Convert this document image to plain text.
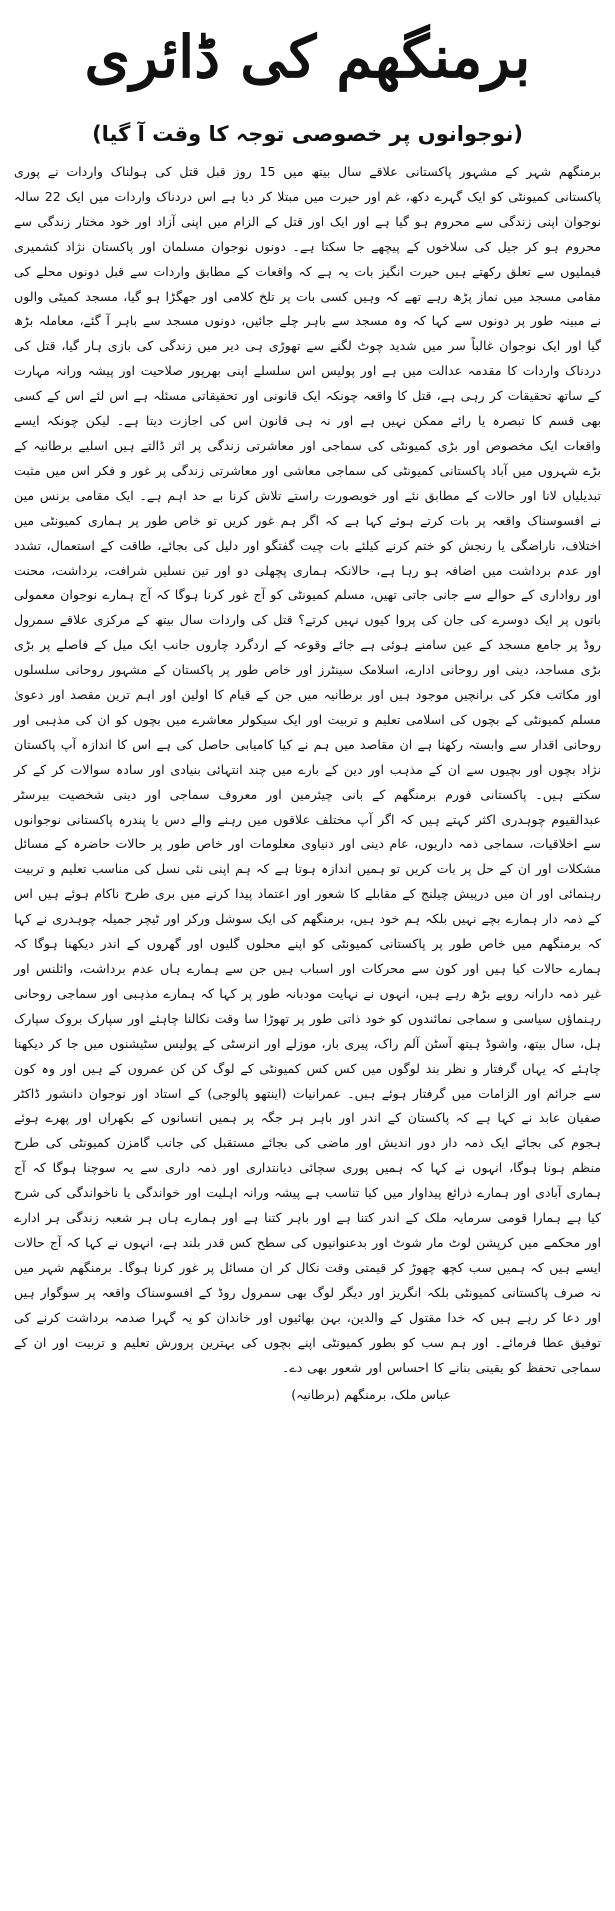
برمنگھم کی ڈائری
(نوجوانوں پر خصوصی توجہ کا وقت آ گیا)

برمنگھم شہر کے مشہور پاکستانی علاقے سال بیتھ میں 15 روز قبل قتل کی ہولناک واردات نے پوری پاکستانی کمیونٹی کو ایک گہرے دکھ، غم اور حیرت میں مبتلا کر دیا ہے اس دردناک واردات میں ایک 22 سالہ نوجوان اپنی زندگی سے محروم ہو گیا ہے اور ایک اور قتل کے الزام میں اپنی آزاد اور خود مختار زندگی سے محروم ہو کر جیل کی سلاخوں کے پیچھے جا سکتا ہے۔ دونوں نوجوان مسلمان اور پاکستان نژاد کشمیری فیملیوں سے تعلق رکھتے ہیں حیرت انگیز بات یہ ہے کہ واقعات کے مطابق واردات سے قبل دونوں محلے کی مقامی مسجد میں نماز پڑھ رہے تھے کہ وہیں کسی بات پر تلخ کلامی اور جھگڑا ہو گیا، مسجد کمیٹی والوں نے مبینہ طور پر دونوں سے کہا کہ وہ مسجد سے باہر چلے جائیں، دونوں مسجد سے باہر آ گئے، معاملہ بڑھ گیا اور ایک نوجوان غالباً سر میں شدید چوٹ لگنے سے تھوڑی ہی دیر میں زندگی کی بازی ہار گیا، قتل کی دردناک واردات کا مقدمہ عدالت میں ہے اور پولیس اس سلسلے اپنی بھرپور صلاحیت اور پیشہ ورانہ مہارت کے ساتھ تحقیقات کر رہی ہے، قتل کا واقعہ چونکہ ایک قانونی اور تحقیقاتی مسئلہ ہے اس لئے اس کے کسی بھی قسم کا تبصرہ یا رائے ممکن نہیں ہے اور نہ ہی قانون اس کی اجازت دیتا ہے۔ لیکن چونکہ ایسے واقعات ایک مخصوص اور بڑی کمیونٹی کی سماجی اور معاشرتی زندگی پر اثر ڈالتے ہیں اسلیے برطانیہ کے بڑے شہروں میں آباد پاکستانی کمیونٹی کی سماجی معاشی اور معاشرتی زندگی پر غور و فکر اس میں مثبت تبدیلیاں لانا اور حالات کے مطابق نئے اور خوبصورت راستے تلاش کرنا بے حد اہم ہے۔ ایک مقامی برنس مین نے افسوسناک واقعہ پر بات کرتے ہوئے کہا ہے کہ اگر ہم غور کریں تو خاص طور پر ہماری کمیونٹی میں اختلاف، ناراضگی یا رنجش کو ختم کرنے کیلئے بات چیت گفتگو اور دلیل کی بجائے، طاقت کے استعمال، تشدد اور عدم برداشت میں اضافہ ہو رہا ہے، حالانکہ ہماری پچھلی دو اور تین نسلیں شرافت، برداشت، محنت اور رواداری کے حوالے سے جانی جاتی تھیں، مسلم کمیونٹی کو آج غور کرنا ہوگا کہ آج ہمارے نوجوان معمولی باتوں پر ایک دوسرے کی جان کی پروا کیوں نہیں کرتے؟ قتل کی واردات سال بیتھ کے مرکزی علاقے سمرول روڈ پر جامع مسجد کے عین سامنے ہوئی ہے جائے وقوعہ کے اردگرد چاروں جانب ایک میل کے فاصلے پر بڑی بڑی مساجد، دینی اور روحانی ادارے، اسلامک سینٹرز اور خاص طور پر پاکستان کے مشہور روحانی سلسلوں اور مکاتب فکر کی برانچیں موجود ہیں اور برطانیہ میں جن کے قیام کا اولین اور اہم ترین مقصد اور دعویٰ مسلم کمیونٹی کے بچوں کی اسلامی تعلیم و تربیت اور ایک سیکولر معاشرے میں بچوں کو ان کی مذہبی اور روحانی اقدار سے وابستہ رکھنا ہے ان مقاصد میں ہم نے کیا کامیابی حاصل کی ہے اس کا اندازہ آپ پاکستان نژاد بچوں اور بچیوں سے ان کے مذہب اور دین کے بارے میں چند انتہائی بنیادی اور سادہ سوالات کر کے کر سکتے ہیں۔ پاکستانی فورم برمنگھم کے بانی چیئرمین اور معروف سماجی اور دینی شخصیت بیرسٹر عبدالقیوم چوہدری اکثر کہتے ہیں کہ اگر آپ مختلف علاقوں میں رہنے والے دس یا پندرہ پاکستانی نوجوانوں سے اخلاقیات، سماجی ذمہ داریوں، عام دینی اور دنیاوی معلومات اور خاص طور پر حالات حاضرہ کے مسائل مشکلات اور ان کے حل پر بات کریں تو ہمیں اندازہ ہوتا ہے کہ ہم اپنی نئی نسل کی مناسب تعلیم و تربیت رہنمائی اور ان میں درپیش چیلنج کے مقابلے کا شعور اور اعتماد پیدا کرنے میں بری طرح ناکام ہوئے ہیں اس کے ذمہ دار ہمارے بچے نہیں بلکہ ہم خود ہیں، برمنگھم کی ایک سوشل ورکر اور ٹیچر جمیلہ چوہدری نے کہا کہ برمنگھم میں خاص طور پر پاکستانی کمیونٹی کو اپنے محلوں گلیوں اور گھروں کے اندر دیکھنا ہوگا کہ ہمارے حالات کیا ہیں اور کون سے محرکات اور اسباب ہیں جن سے ہمارے ہاں عدم برداشت، وائلنس اور غیر ذمہ دارانہ رویے بڑھ رہے ہیں، انہوں نے نہایت مودبانہ طور پر کہا کہ ہمارے مذہبی اور سماجی روحانی رہنماؤں سیاسی و سماجی نمائندوں کو خود ذاتی طور پر تھوڑا سا وقت نکالنا چاہئے اور سپارک بروک سپارک ہل، سال بیتھ، واشوڈ ہیتھ آسٹن آلم راک، پیری بار، موزلے اور انرسٹی کے پولیس سٹیشنوں میں جا کر دیکھنا چاہئے کہ یہاں گرفتار و نظر بند لوگوں میں کس کس کمیونٹی کے لوگ کن کن عمروں کے ہیں اور وہ کون سے جرائم اور الزامات میں گرفتار ہوئے ہیں۔ عمرانیات (اینتھو پالوجی) کے استاد اور نوجوان دانشور ڈاکٹر صفیان عابد نے کہا ہے کہ پاکستان کے اندر اور باہر ہر جگہ پر ہمیں انسانوں کے بکھراں اور پھرے ہوئے ہجوم کی بجائے ایک ذمہ دار دور اندیش اور ماضی کی بجائے مستقبل کی جانب گامزن کمیونٹی کی طرح منظم ہونا ہوگا، انہوں نے کہا کہ ہمیں پوری سچائی دیانتداری اور ذمہ داری سے یہ سوچنا ہوگا کہ آج ہماری آبادی اور ہمارے ذرائع پیداوار میں کیا تناسب ہے پیشہ ورانہ اہلیت اور خواندگی یا ناخواندگی کی شرح کیا ہے ہمارا قومی سرمایہ ملک کے اندر کتنا ہے اور باہر کتنا ہے اور ہمارے ہاں ہر شعبہ زندگی ہر ادارے اور محکمے میں کرپشن لوٹ مار شوٹ اور بدعنوانیوں کی سطح کس قدر بلند ہے، انہوں نے کہا کہ آج حالات ایسے ہیں کہ ہمیں سب کچھ چھوڑ کر قیمتی وقت نکال کر ان مسائل پر غور کرنا ہوگا۔ برمنگھم شہر میں نہ صرف پاکستانی کمیونٹی بلکہ انگریز اور دیگر لوگ بھی سمرول روڈ کے افسوسناک واقعہ پر سوگوار ہیں اور دعا کر رہے ہیں کہ خدا مقتول کے والدین، بہن بھائیوں اور خاندان کو یہ گہرا صدمہ برداشت کرنے کی توفیق عطا فرمائے۔ اور ہم سب کو بطور کمیونٹی اپنے بچوں کی بہترین پرورش تعلیم و تربیت اور ان کے سماجی تحفظ کو یقینی بنانے کا احساس اور شعور بھی دے۔

عباس ملک، برمنگھم (برطانیہ)
